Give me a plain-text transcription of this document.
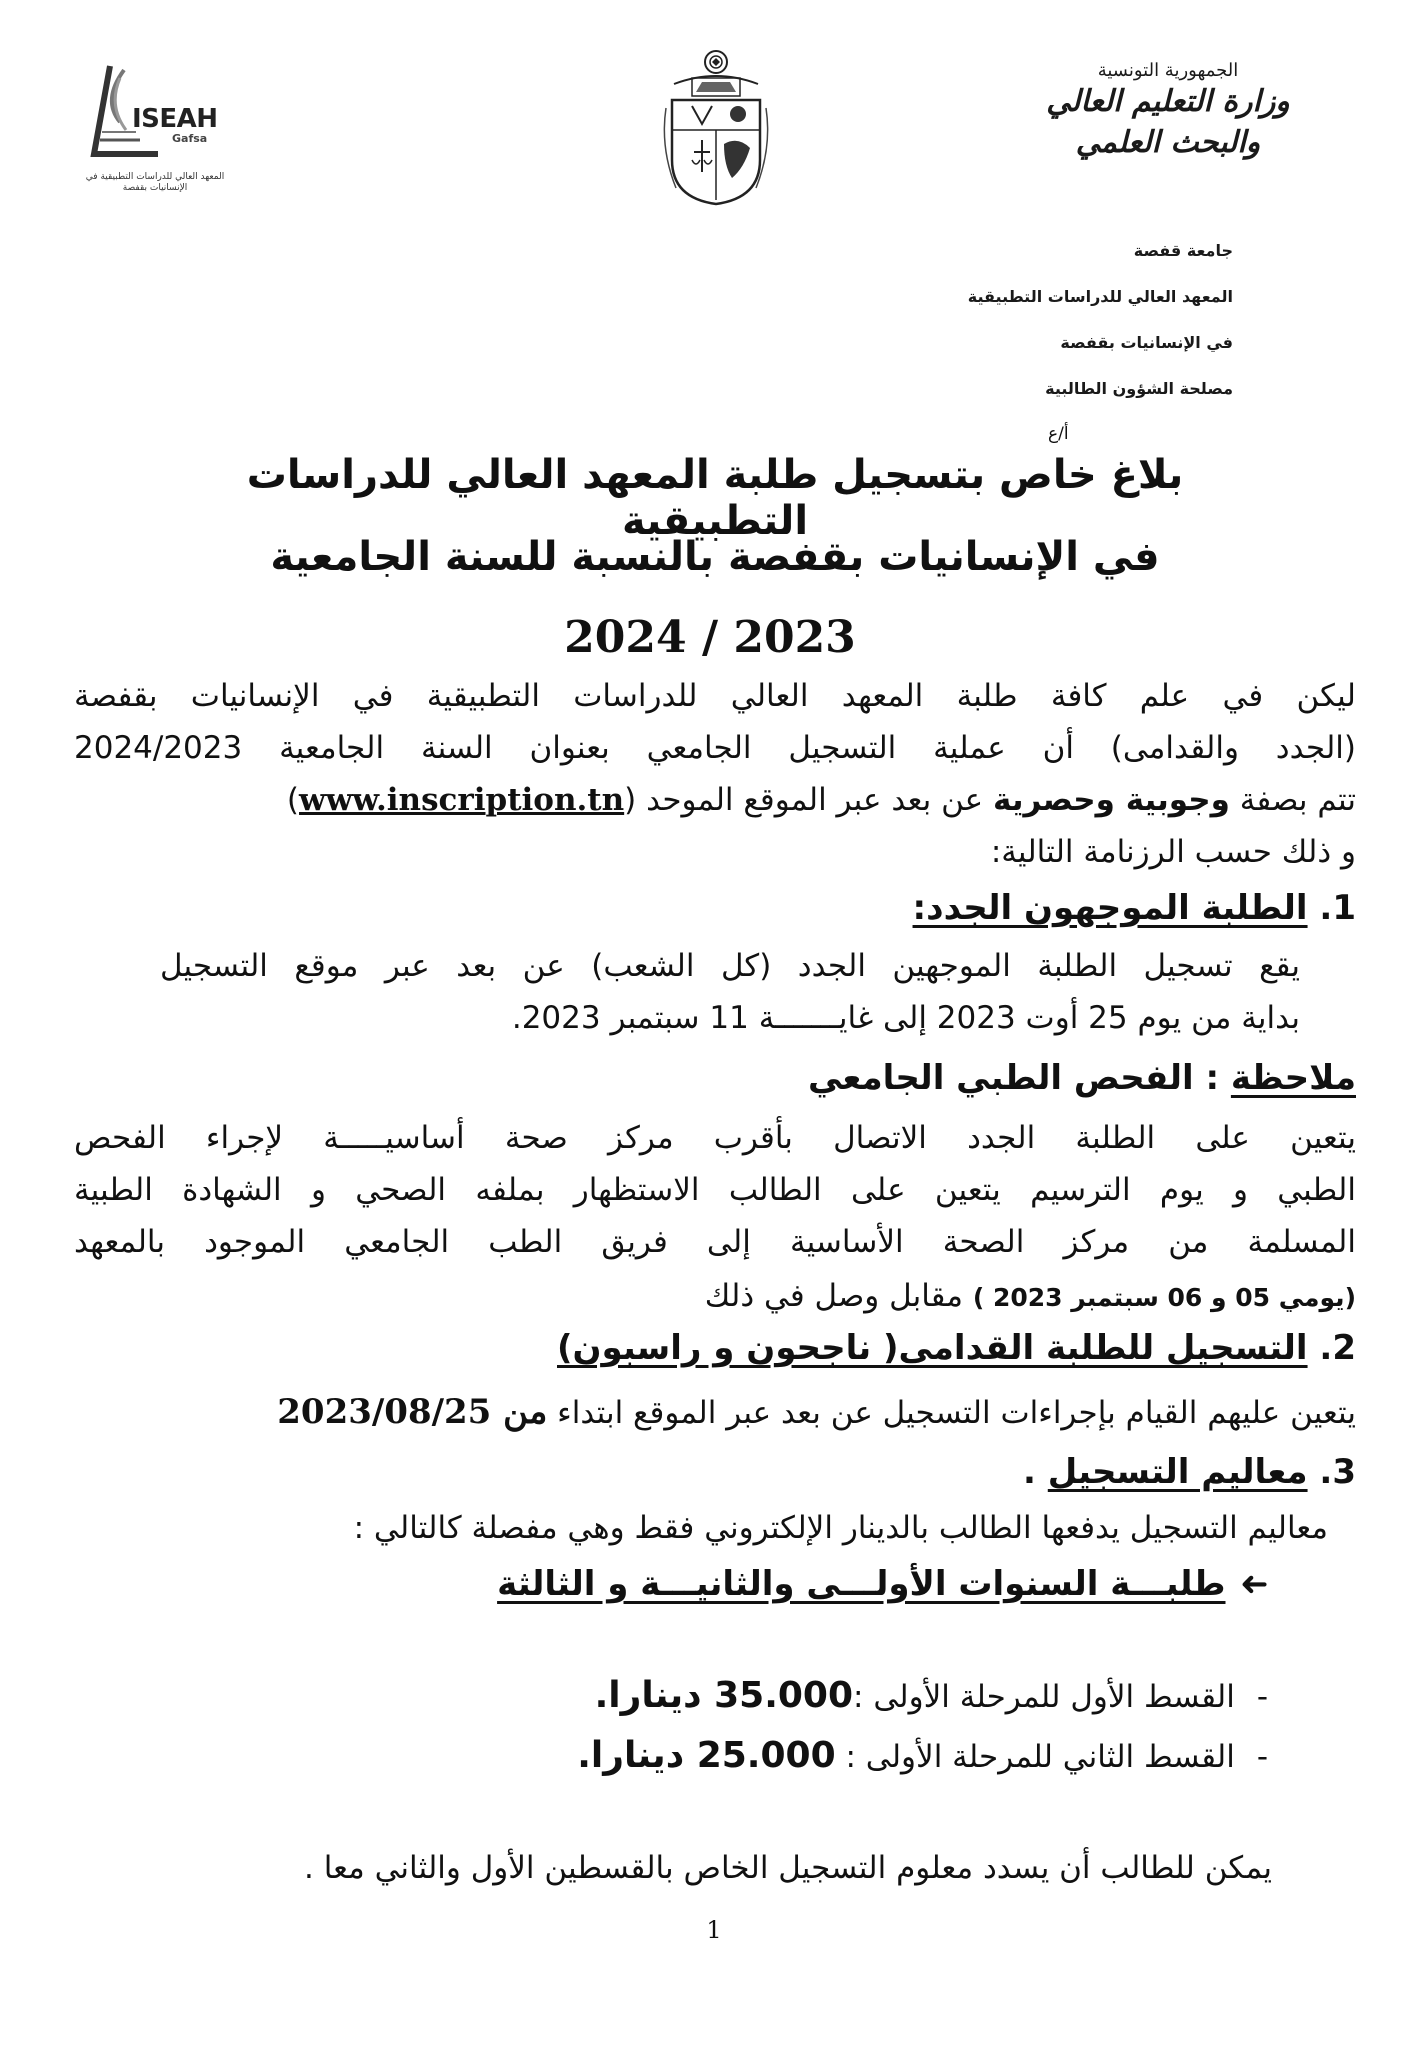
الجمهورية التونسية
وزارة التعليم العالي
والبحث العلمي
ISEAH
Gafsa
المعهد العالي للدراسات التطبيقية في الإنسانيات بقفصة
جامعة قفصة
المعهد العالي للدراسات التطبيقية
في الإنسانيات بقفصة
مصلحة الشؤون الطالبية
أ/ع
بلاغ خاص بتسجيل طلبة المعهد العالي للدراسات التطبيقية
في الإنسانيات بقفصة بالنسبة للسنة الجامعية
2024 / 2023
ليكن في علم كافة طلبة المعهد العالي للدراسات التطبيقية في الإنسانيات بقفصة
(الجدد والقدامى) أن عملية التسجيل الجامعي بعنوان السنة الجامعية 2024/2023
تتم بصفة وجوبية وحصرية عن بعد عبر الموقع الموحد (www.inscription.tn)
و ذلك حسب الرزنامة التالية:
1. الطلبة الموجهون الجدد:
يقع تسجيل الطلبة الموجهين الجدد (كل الشعب) عن بعد عبر موقع التسجيل
بداية من يوم 25 أوت 2023 إلى غايـــــــة 11 سبتمبر 2023.
ملاحظة : الفحص الطبي الجامعي
يتعين على الطلبة الجدد الاتصال بأقرب مركز صحة أساسيـــــة لإجراء الفحص
الطبي و يوم الترسيم يتعين على الطالب الاستظهار بملفه الصحي و الشهادة الطبية
المسلمة من مركز الصحة الأساسية إلى فريق الطب الجامعي الموجود بالمعهد
(يومي 05 و 06 سبتمبر 2023 ) مقابل وصل في ذلك
2. التسجيل للطلبة القدامى( ناجحون و راسبون)
يتعين عليهم القيام بإجراءات التسجيل عن بعد عبر الموقع ابتداء من 2023/08/25
3. معاليم التسجيل .
معاليم التسجيل يدفعها الطالب بالدينار الإلكتروني فقط وهي مفصلة كالتالي :
➜طلبـــة السنوات الأولـــى والثانيـــة و الثالثة
-القسط الأول للمرحلة الأولى :35.000 دينارا.
-القسط الثاني للمرحلة الأولى : 25.000 دينارا.
يمكن للطالب أن يسدد معلوم التسجيل الخاص بالقسطين الأول والثاني معا .
1
